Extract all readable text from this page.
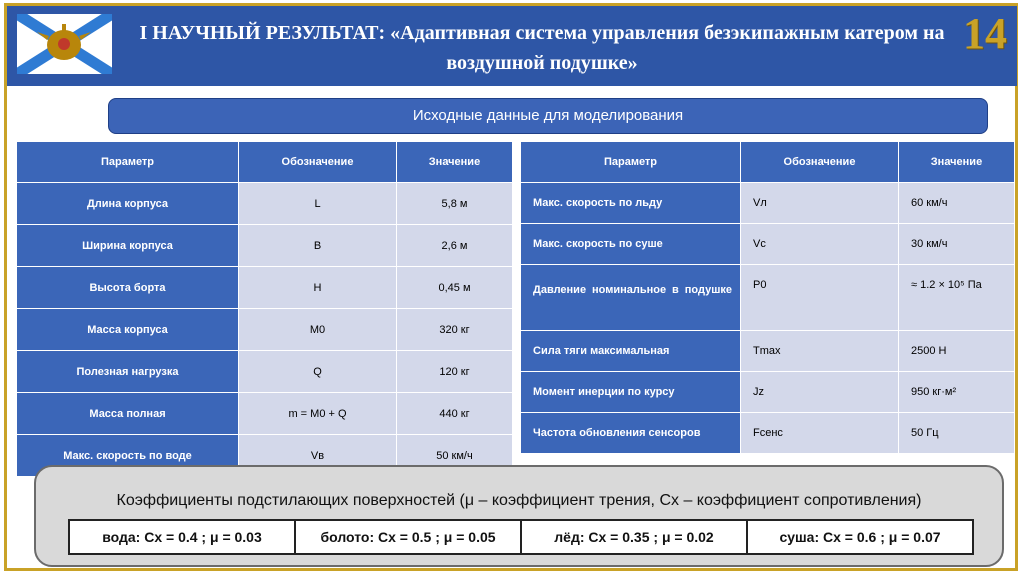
I НАУЧНЫЙ РЕЗУЛЬТАТ: «Адаптивная система управления безэкипажным катером на воздушной подушке»
14
Исходные данные для моделирования
Параметр	Обозначение	Значение
Длина корпуса	L	5,8 м
Ширина корпуса	B	2,6 м
Высота борта	H	0,45 м
Масса корпуса	M0	320 кг
Полезная нагрузка	Q	120 кг
Масса полная	m = M0 + Q	440 кг
Макс. скорость по воде	Vв	50 км/ч
Параметр	Обозначение	Значение
Макс. скорость по льду	Vл	60 км/ч
Макс. скорость по суше	Vc	30 км/ч

Давление номинальное в подушке	P0	≈ 1.2 × 10⁵ Па
Сила тяги максимальная	Tmax	2500 Н
Момент инерции по курсу	Jz	950 кг·м²
Частота обновления сенсоров	Fсенс	50 Гц

Коэффициенты подстилающих поверхностей (μ – коэффициент трения, Cx – коэффициент сопротивления)

вода: Cx = 0.4 ; μ = 0.03	болото: Cx = 0.5 ; μ = 0.05	лёд: Cx = 0.35 ; μ = 0.02	суша: Cx = 0.6 ; μ = 0.07
